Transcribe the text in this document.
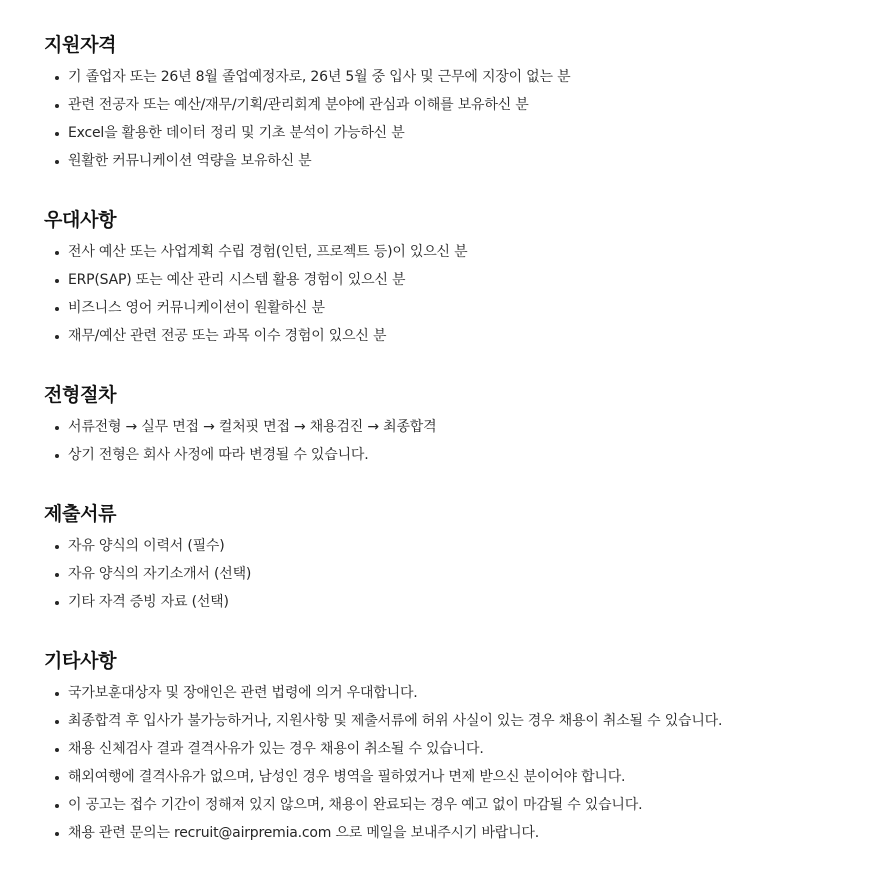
지원자격
기 졸업자 또는 26년 8월 졸업예정자로, 26년 5월 중 입사 및 근무에 지장이 없는 분
관련 전공자 또는 예산/재무/기획/관리회계 분야에 관심과 이해를 보유하신 분
Excel을 활용한 데이터 정리 및 기초 분석이 가능하신 분
원활한 커뮤니케이션 역량을 보유하신 분
우대사항
전사 예산 또는 사업계획 수립 경험(인턴, 프로젝트 등)이 있으신 분
ERP(SAP) 또는 예산 관리 시스템 활용 경험이 있으신 분
비즈니스 영어 커뮤니케이션이 원활하신 분
재무/예산 관련 전공 또는 과목 이수 경험이 있으신 분
전형절차
서류전형 → 실무 면접 → 컬처핏 면접 → 채용검진 → 최종합격
상기 전형은 회사 사정에 따라 변경될 수 있습니다.
제출서류
자유 양식의 이력서 (필수)
자유 양식의 자기소개서 (선택)
기타 자격 증빙 자료 (선택)
기타사항
국가보훈대상자 및 장애인은 관련 법령에 의거 우대합니다.
최종합격 후 입사가 불가능하거나, 지원사항 및 제출서류에 허위 사실이 있는 경우 채용이 취소될 수 있습니다.
채용 신체검사 결과 결격사유가 있는 경우 채용이 취소될 수 있습니다.
해외여행에 결격사유가 없으며, 남성인 경우 병역을 필하였거나 면제 받으신 분이어야 합니다.
이 공고는 접수 기간이 정해져 있지 않으며, 채용이 완료되는 경우 예고 없이 마감될 수 있습니다.
채용 관련 문의는 recruit@airpremia.com 으로 메일을 보내주시기 바랍니다.
